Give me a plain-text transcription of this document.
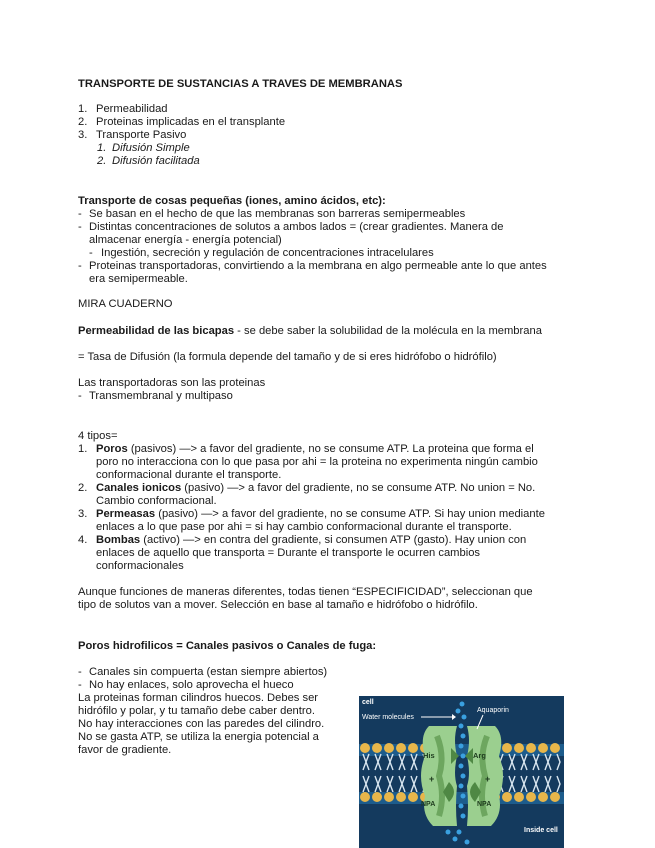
TRANSPORTE DE SUSTANCIAS A TRAVES DE MEMBRANAS
1. Permeabilidad
2. Proteinas implicadas en el transplante
3. Transporte Pasivo
1. Difusión Simple
2. Difusión facilitada
Transporte de cosas pequeñas (iones, amino ácidos, etc):
- Se basan en el hecho de que las membranas son barreras semipermeables
- Distintas concentraciones de solutos a ambos lados = (crear gradientes. Manera de
almacenar energía - energía potencial)
- Ingestión, secreción y regulación de concentraciones intracelulares
- Proteinas transportadoras, convirtiendo a la membrana en algo permeable ante lo que antes
era semipermeable.
MIRA CUADERNO
Permeabilidad de las bicapas - se debe saber la solubilidad de la molécula en la membrana
= Tasa de Difusión (la formula depende del tamaño y de si eres hidrófobo o hidrófilo)
Las transportadoras son las proteinas
- Transmembranal y multipaso
4 tipos=
1. Poros (pasivos) —> a favor del gradiente, no se consume ATP. La proteina que forma el
poro no interacciona con lo que pasa por ahi = la proteina no experimenta ningún cambio
conformacional durante el transporte.
2. Canales ionicos (pasivo) —> a favor del gradiente, no se consume ATP. No union = No.
Cambio conformacional.
3. Permeasas (pasivo) —> a favor del gradiente, no se consume ATP. Si hay union mediante
enlaces a lo que pase por ahi = si hay cambio conformacional durante el transporte.
4. Bombas (activo) —> en contra del gradiente, si consumen ATP (gasto). Hay union con
enlaces de aquello que transporta = Durante el transporte le ocurren cambios
conformacionales
Aunque funciones de maneras diferentes, todas tienen “ESPECIFICIDAD”, seleccionan que
tipo de solutos van a mover. Selección en base al tamaño e hidrófobo o hidrófilo.
Poros hidrofilicos = Canales pasivos o Canales de fuga:
- Canales sin compuerta (estan siempre abiertos)
- No hay enlaces, solo aprovecha el hueco
La proteinas forman cilindros huecos. Debes ser
hidrófilo y polar, y tu tamaño debe caber dentro.
No hay interacciones con las paredes del cilindro.
No se gasta ATP, se utiliza la energia potencial a
favor de gradiente.
cell
Water molecules
Aquaporin
His	Arg
+	+
NPA	NPA
Inside cell
